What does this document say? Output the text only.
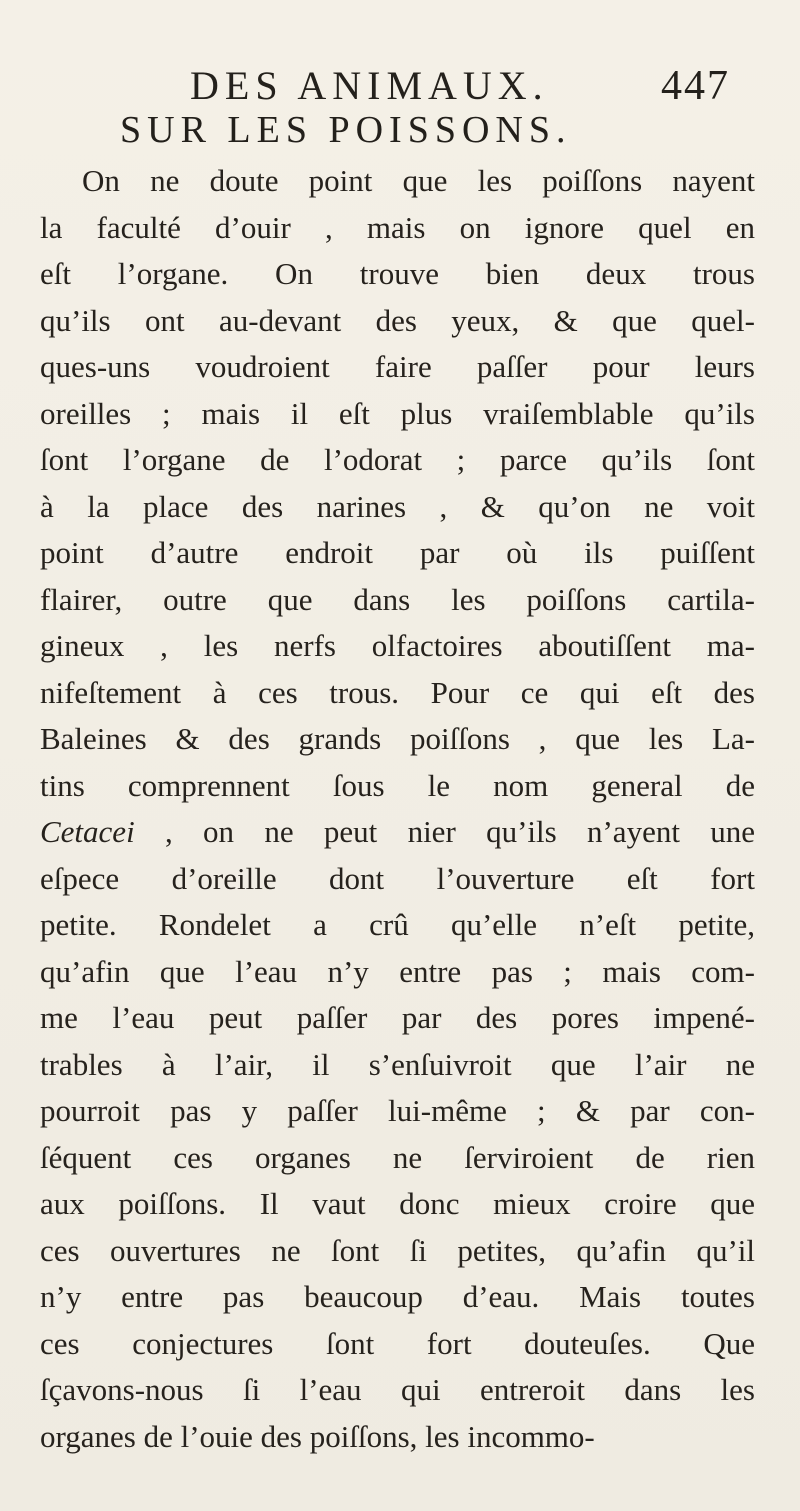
DES ANIMAUX.	447
SUR LES POISSONS.
On ne doute point que les poiſſons nayent
la faculté d’ouir , mais on ignore quel en
eſt l’organe. On trouve bien deux trous
qu’ils ont au-devant des yeux, & que quel-
ques-uns voudroient faire paſſer pour leurs
oreilles ; mais il eſt plus vraiſemblable qu’ils
ſont l’organe de l’odorat ; parce qu’ils ſont
à la place des narines , & qu’on ne voit
point d’autre endroit par où ils puiſſent
flairer, outre que dans les poiſſons cartila-
gineux , les nerfs olfactoires aboutiſſent ma-
nifeſtement à ces trous. Pour ce qui eſt des
Baleines & des grands poiſſons , que les La-
tins comprennent ſous le nom general de
Cetacei , on ne peut nier qu’ils n’ayent une
eſpece d’oreille dont l’ouverture eſt fort
petite. Rondelet a crû qu’elle n’eſt petite,
qu’afin que l’eau n’y entre pas ; mais com-
me l’eau peut paſſer par des pores impené-
trables à l’air, il s’enſuivroit que l’air ne
pourroit pas y paſſer lui-même ; & par con-
ſéquent ces organes ne ſerviroient de rien
aux poiſſons. Il vaut donc mieux croire que
ces ouvertures ne ſont ſi petites, qu’afin qu’il
n’y entre pas beaucoup d’eau. Mais toutes
ces conjectures ſont fort douteuſes. Que
ſçavons-nous ſi l’eau qui entreroit dans les
organes de l’ouie des poiſſons, les incommo-
